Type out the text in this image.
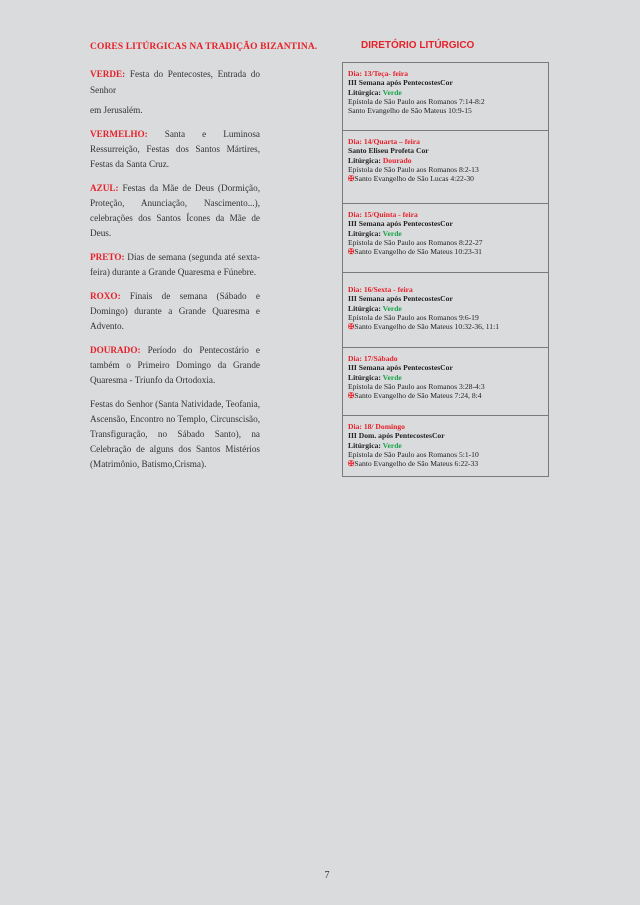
CORES LITÚRGICAS NA TRADIÇÃO BIZANTINA.	DIRETÓRIO LITÚRGICO

VERDE: Festa do Pentecostes, Entrada do Senhor
em Jerusalém.

VERMELHO: Santa e Luminosa Ressurreição, Festas dos Santos Mártires, Festas da Santa Cruz.

AZUL: Festas da Mãe de Deus (Dormição, Proteção, Anunciação, Nascimento...), celebrações dos Santos Ícones da Mãe de Deus.

PRETO: Dias de semana (segunda até sexta-feira) durante a Grande Quaresma e Fúnebre.

ROXO: Finais de semana (Sábado e Domingo) durante a Grande Quaresma e Advento.

DOURADO: Período do Pentecostário e também o Primeiro Domingo da Grande Quaresma - Triunfo da Ortodoxia.

Festas do Senhor (Santa Natividade, Teofania, Ascensão, Encontro no Templo, Circunscisão, Transfiguração, no Sábado Santo), na Celebração de alguns dos Santos Mistérios (Matrimônio, Batismo,Crisma).

Dia: 13/Teça- feira
III Semana após PentecostesCor
Litúrgica: Verde
Epístola de São Paulo aos Romanos 7:14-8:2
Santo Evangelho de São Mateus 10:9-15
Dia: 14/Quarta – feira
Santo Eliseu Profeta Cor
Litúrgica: Dourado
Epístola de São Paulo aos Romanos 8:2-13
✠Santo Evangelho de São Lucas 4:22-30
Dia: 15/Quinta - feira
III Semana após PentecostesCor
Litúrgica: Verde
Epístola de São Paulo aos Romanos 8:22-27
✠Santo Evangelho de São Mateus 10:23-31
Dia: 16/Sexta - feira
III Semana após PentecostesCor
Litúrgica: Verde
Epístola de São Paulo aos Romanos 9:6-19
✠Santo Evangelho de São Mateus 10:32-36, 11:1
Dia: 17/Sábado
III Semana após PentecostesCor
Litúrgica: Verde
Epístola de São Paulo aos Romanos 3:28-4:3
✠Santo Evangelho de São Mateus 7:24, 8:4
Dia: 18/ Domingo
III Dom. após PentecostesCor
Litúrgica: Verde
Epístola de São Paulo aos Romanos 5:1-10
✠Santo Evangelho de São Mateus 6:22-33
7
